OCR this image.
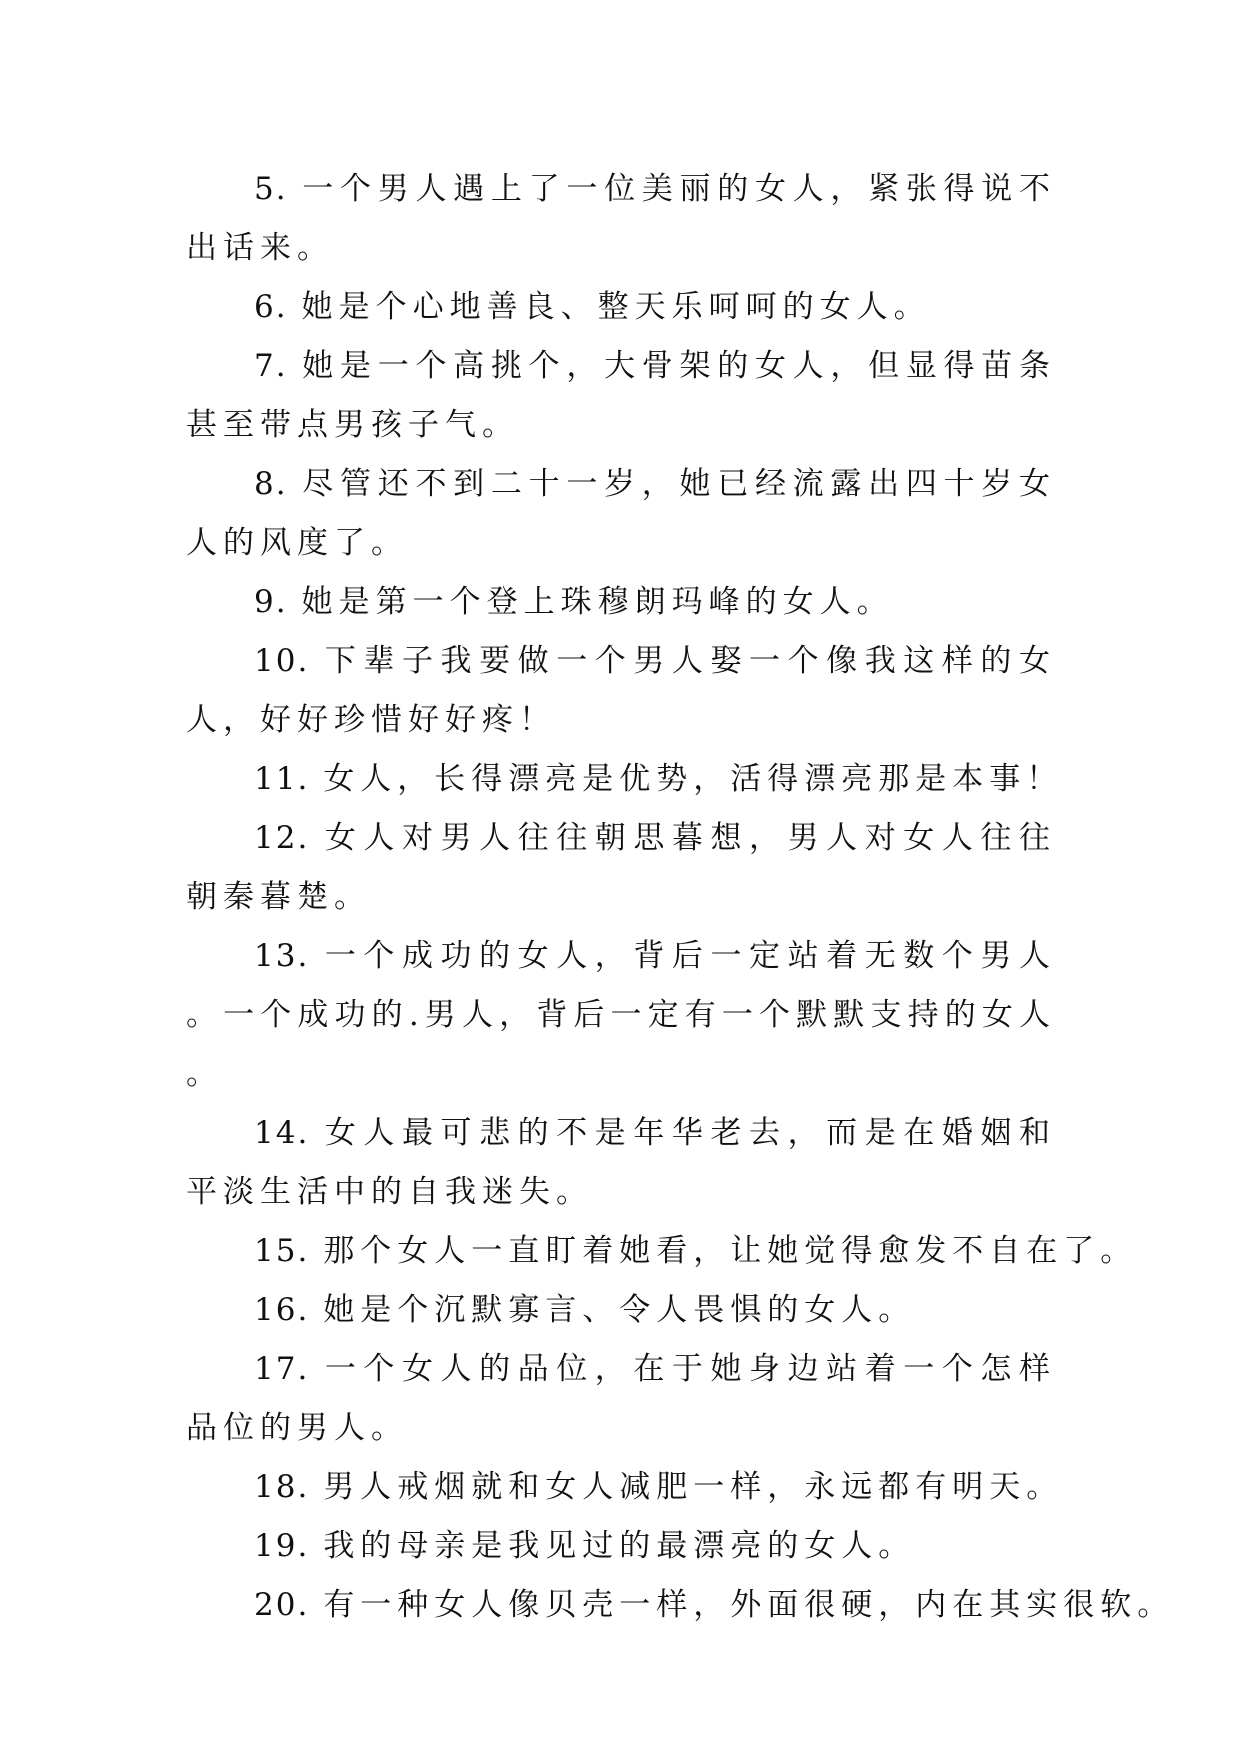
5. 一个男人遇上了一位美丽的女人，紧张得说不出话来。

6. 她是个心地善良、整天乐呵呵的女人。

7. 她是一个高挑个，大骨架的女人，但显得苗条甚至带点男孩子气。

8. 尽管还不到二十一岁，她已经流露出四十岁女人的风度了。

9. 她是第一个登上珠穆朗玛峰的女人。

10. 下辈子我要做一个男人娶一个像我这样的女人，好好珍惜好好疼！

11. 女人，长得漂亮是优势，活得漂亮那是本事！

12. 女人对男人往往朝思暮想，男人对女人往往朝秦暮楚。

13. 一个成功的女人，背后一定站着无数个男人。一个成功的.男人，背后一定有一个默默支持的女人。

14. 女人最可悲的不是年华老去，而是在婚姻和平淡生活中的自我迷失。

15. 那个女人一直盯着她看，让她觉得愈发不自在了。

16. 她是个沉默寡言、令人畏惧的女人。

17. 一个女人的品位，在于她身边站着一个怎样品位的男人。

18. 男人戒烟就和女人减肥一样，永远都有明天。

19. 我的母亲是我见过的最漂亮的女人。

20. 有一种女人像贝壳一样，外面很硬，内在其实很软。
